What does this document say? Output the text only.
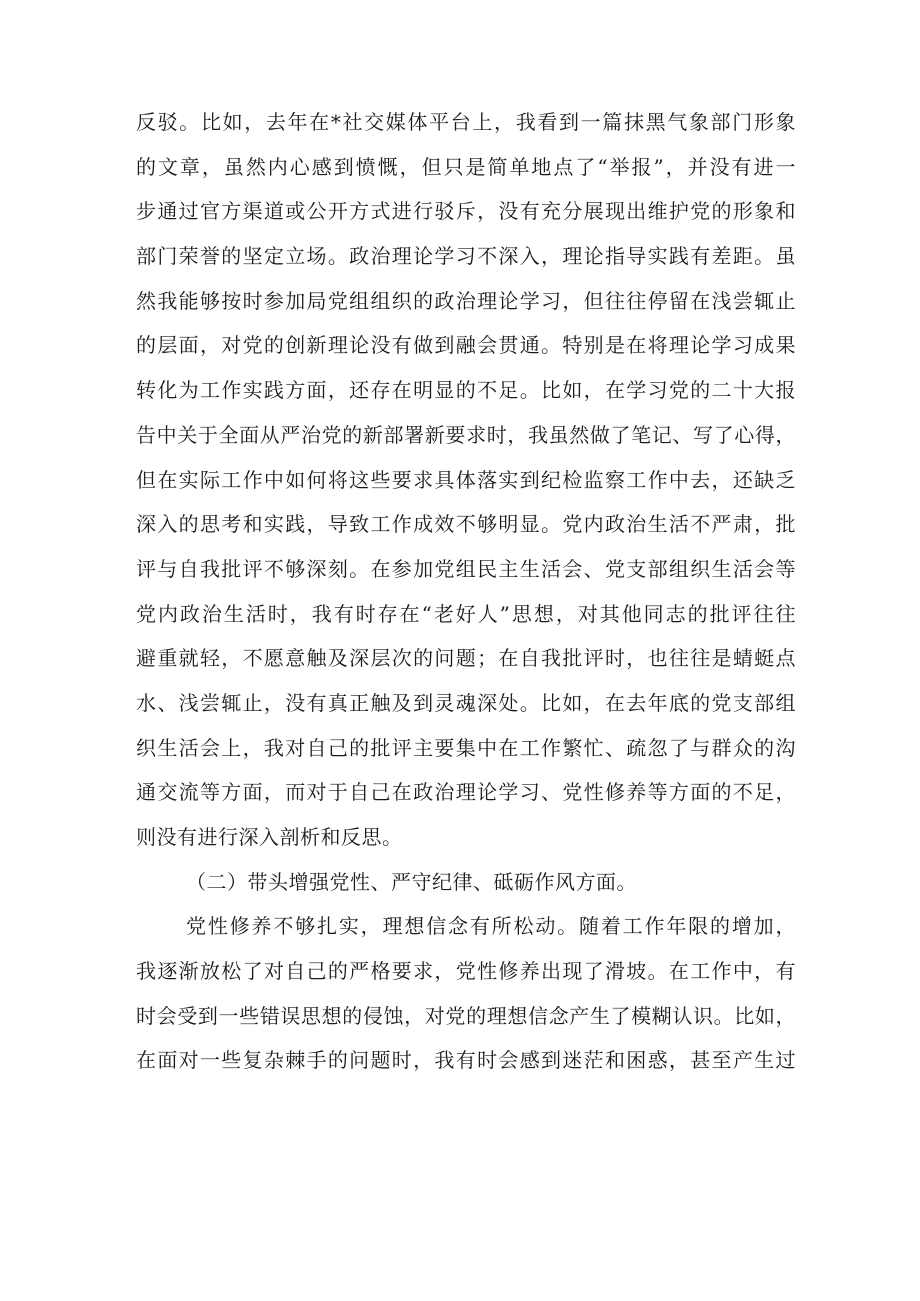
反驳。比如，去年在*社交媒体平台上，我看到一篇抹黑气象部门形象
的文章，虽然内心感到愤慨，但只是简单地点了“举报”，并没有进一
步通过官方渠道或公开方式进行驳斥，没有充分展现出维护党的形象和
部门荣誉的坚定立场。政治理论学习不深入，理论指导实践有差距。虽
然我能够按时参加局党组组织的政治理论学习，但往往停留在浅尝辄止
的层面，对党的创新理论没有做到融会贯通。特别是在将理论学习成果
转化为工作实践方面，还存在明显的不足。比如，在学习党的二十大报
告中关于全面从严治党的新部署新要求时，我虽然做了笔记、写了心得，
但在实际工作中如何将这些要求具体落实到纪检监察工作中去，还缺乏
深入的思考和实践，导致工作成效不够明显。党内政治生活不严肃，批
评与自我批评不够深刻。在参加党组民主生活会、党支部组织生活会等
党内政治生活时，我有时存在“老好人”思想，对其他同志的批评往往
避重就轻，不愿意触及深层次的问题；在自我批评时，也往往是蜻蜓点
水、浅尝辄止，没有真正触及到灵魂深处。比如，在去年底的党支部组
织生活会上，我对自己的批评主要集中在工作繁忙、疏忽了与群众的沟
通交流等方面，而对于自己在政治理论学习、党性修养等方面的不足，
则没有进行深入剖析和反思。
（二）带头增强党性、严守纪律、砥砺作风方面。
党性修养不够扎实，理想信念有所松动。随着工作年限的增加，
我逐渐放松了对自己的严格要求，党性修养出现了滑坡。在工作中，有
时会受到一些错误思想的侵蚀，对党的理想信念产生了模糊认识。比如，
在面对一些复杂棘手的问题时，我有时会感到迷茫和困惑，甚至产生过
